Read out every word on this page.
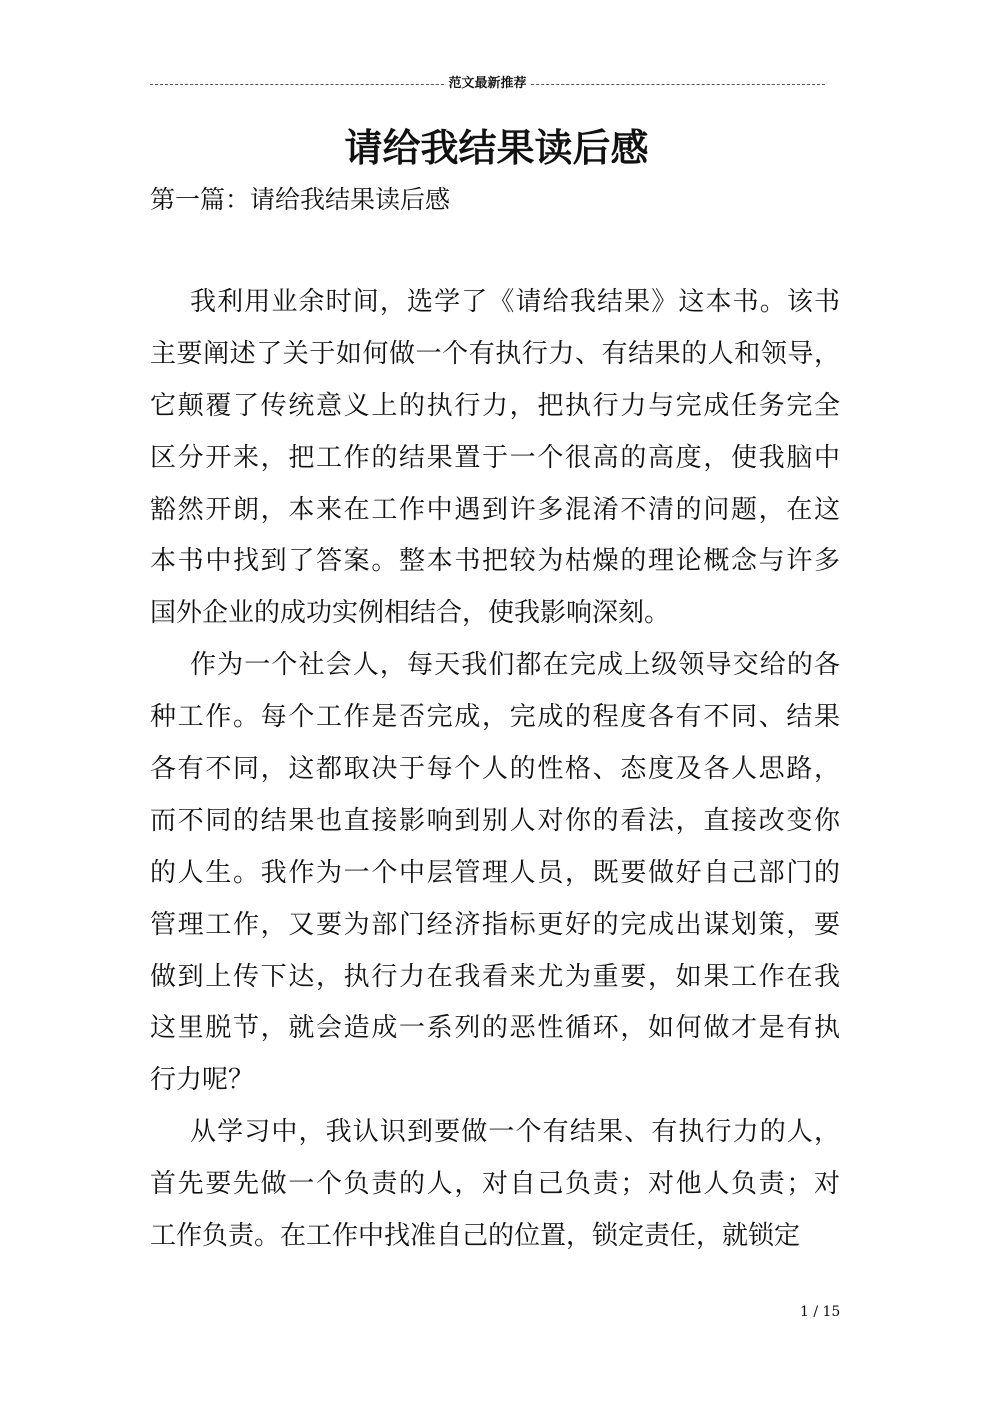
范文最新推荐
请给我结果读后感

第一篇：请给我结果读后感

我利用业余时间，选学了《请给我结果》这本书。该书
主要阐述了关于如何做一个有执行力、有结果的人和领导，
它颠覆了传统意义上的执行力，把执行力与完成任务完全
区分开来，把工作的结果置于一个很高的高度，使我脑中
豁然开朗，本来在工作中遇到许多混淆不清的问题，在这
本书中找到了答案。整本书把较为枯燥的理论概念与许多
国外企业的成功实例相结合，使我影响深刻。
作为一个社会人，每天我们都在完成上级领导交给的各
种工作。每个工作是否完成，完成的程度各有不同、结果
各有不同，这都取决于每个人的性格、态度及各人思路，
而不同的结果也直接影响到别人对你的看法，直接改变你
的人生。我作为一个中层管理人员，既要做好自己部门的
管理工作，又要为部门经济指标更好的完成出谋划策，要
做到上传下达，执行力在我看来尤为重要，如果工作在我
这里脱节，就会造成一系列的恶性循环，如何做才是有执
行力呢？
从学习中，我认识到要做一个有结果、有执行力的人，
首先要先做一个负责的人，对自己负责；对他人负责；对
工作负责。在工作中找准自己的位置，锁定责任，就锁定
1 / 15
